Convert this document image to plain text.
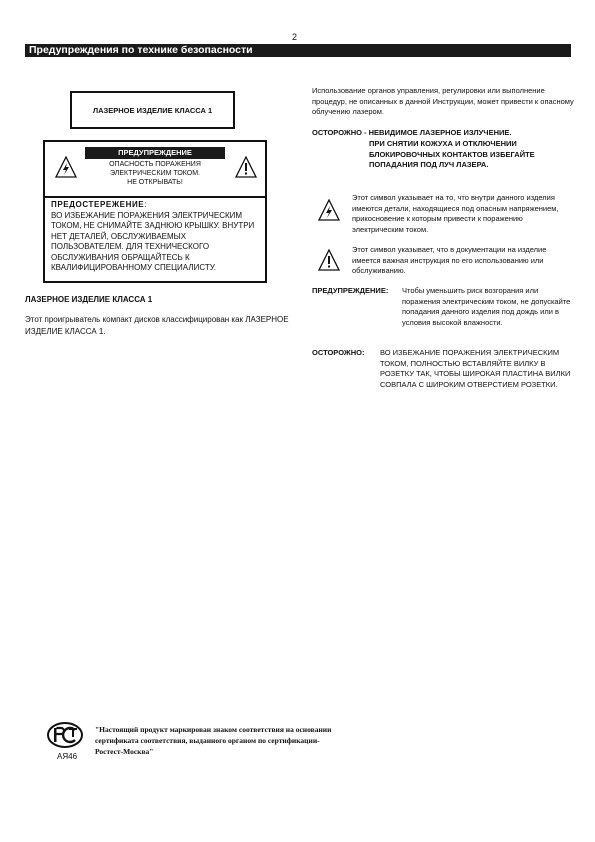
2
Предупреждения по технике безопасности
ЛАЗЕРНОЕ ИЗДЕЛИЕ КЛАССА 1
ПРЕДУПРЕЖДЕНИЕ
ОПАСНОСТЬ ПОРАЖЕНИЯ
ЭЛЕКТРИЧЕСКИМ ТОКОМ.
НЕ ОТКРЫВАТЬ!
ПРЕДОСТЕРЕЖЕНИЕ:
ВО ИЗБЕЖАНИЕ ПОРАЖЕНИЯ ЭЛЕКТРИЧЕСКИМ ТОКОМ, НЕ СНИМАЙТЕ ЗАДНЮЮ КРЫШКУ. ВНУТРИ НЕТ ДЕТАЛЕЙ, ОБСЛУЖИВАЕМЫХ ПОЛЬЗОВАТЕЛЕМ. ДЛЯ ТЕХНИЧЕСКОГО ОБСЛУЖИВАНИЯ ОБРАЩАЙТЕСЬ К КВАЛИФИЦИРОВАННОМУ СПЕЦИАЛИСТУ.
ЛАЗЕРНОЕ ИЗДЕЛИЕ КЛАССА 1
Этот проигрыватель компакт дисков классифицирован как ЛАЗЕРНОЕ ИЗДЕЛИЕ КЛАССА 1.
Использование органов управления, регулировки или выполнение процедур, не описанных в данной Инструкции, может привести к опасному облучению лазером.
ОСТОРОЖНО - НЕВИДИМОЕ ЛАЗЕРНОЕ ИЗЛУЧЕНИЕ.
ПРИ СНЯТИИ КОЖУХА И ОТКЛЮЧЕНИИ БЛОКИРОВОЧНЫХ КОНТАКТОВ ИЗБЕГАЙТЕ ПОПАДАНИЯ ПОД ЛУЧ ЛАЗЕРА.
Этот символ указывает на то, что внутри данного изделия имеются детали, находящиеся под опасным напряжением, прикосновение к которым привести к поражению электрическим током.
Этот символ указывает, что в документации на изделие имеется важная инструкция по его использованию или обслуживанию.
ПРЕДУПРЕЖДЕНИЕ: Чтобы уменьшить риск возгорания или поражения электрическим током, не допускайте попадания данного изделия под дождь или в условия высокой влажности.
ОСТОРОЖНО: ВО ИЗБЕЖАНИЕ ПОРАЖЕНИЯ ЭЛЕКТРИЧЕСКИМ ТОКОМ, ПОЛНОСТЬЮ ВСТАВЛЯЙТЕ ВИЛКУ В РОЗЕТКУ ТАК, ЧТОБЫ ШИРОКАЯ ПЛАСТИНА ВИЛКИ СОВПАЛА С ШИРОКИМ ОТВЕРСТИЕМ РОЗЕТКИ.
АЯ46
"Настоящий продукт маркирован знаком соответствия на основании сертификата соответствия, выданного органом по сертификации-Ростест-Москва"
